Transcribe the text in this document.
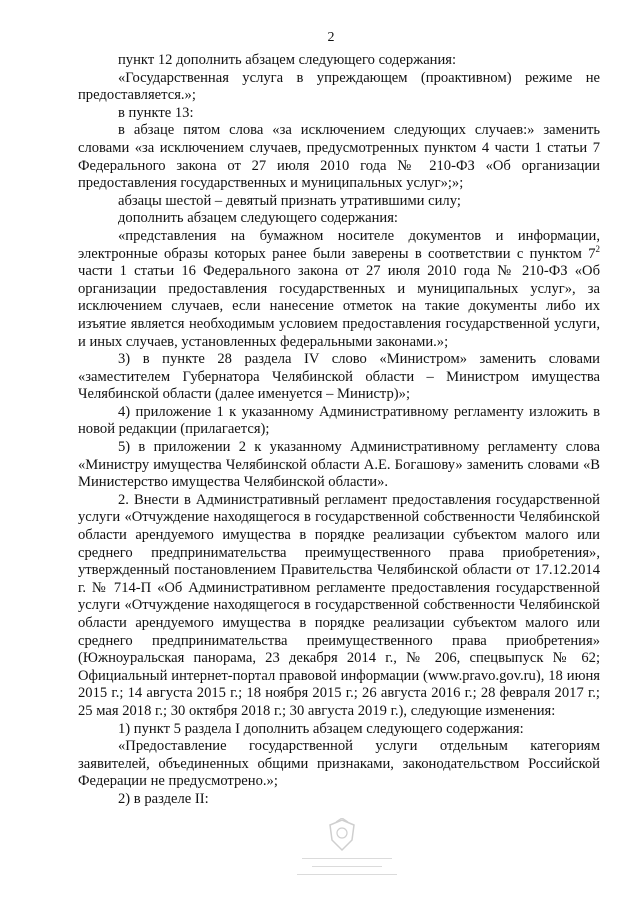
2

пункт 12 дополнить абзацем следующего содержания:

«Государственная услуга в упреждающем (проактивном) режиме не предоставляется.»;

в пункте 13:

в абзаце пятом слова «за исключением следующих случаев:» заменить словами «за исключением случаев, предусмотренных пунктом 4 части 1 статьи 7 Федерального закона от 27 июля 2010 года № 210-ФЗ «Об организации предоставления государственных и муниципальных услуг»;»;

абзацы шестой – девятый признать утратившими силу;

дополнить абзацем следующего содержания:

«представления на бумажном носителе документов и информации, электронные образы которых ранее были заверены в соответствии с пунктом $7^2$ части 1 статьи 16 Федерального закона от 27 июля 2010 года № 210-ФЗ «Об организации предоставления государственных и муниципальных услуг», за исключением случаев, если нанесение отметок на такие документы либо их изъятие является необходимым условием предоставления государственной услуги, и иных случаев, установленных федеральными законами.»;

3) в пункте 28 раздела IV слово «Министром» заменить словами «заместителем Губернатора Челябинской области – Министром имущества Челябинской области (далее именуется – Министр)»;

4) приложение 1 к указанному Административному регламенту изложить в новой редакции (прилагается);

5) в приложении 2 к указанному Административному регламенту слова «Министру имущества Челябинской области А.Е. Богашову» заменить словами «В Министерство имущества Челябинской области».

2. Внести в Административный регламент предоставления государственной услуги «Отчуждение находящегося в государственной собственности Челябинской области арендуемого имущества в порядке реализации субъектом малого или среднего предпринимательства преимущественного права приобретения», утвержденный постановлением Правительства Челябинской области от 17.12.2014 г. № 714-П «Об Административном регламенте предоставления государственной услуги «Отчуждение находящегося в государственной собственности Челябинской области арендуемого имущества в порядке реализации субъектом малого или среднего предпринимательства преимущественного права приобретения» (Южноуральская панорама, 23 декабря 2014 г., № 206, спецвыпуск № 62; Официальный интернет-портал правовой информации (www.pravo.gov.ru), 18 июня 2015 г.; 14 августа 2015 г.; 18 ноября 2015 г.; 26 августа 2016 г.; 28 февраля 2017 г.; 25 мая 2018 г.; 30 октября 2018 г.; 30 августа 2019 г.), следующие изменения:

1) пункт 5 раздела I дополнить абзацем следующего содержания:

«Предоставление государственной услуги отдельным категориям заявителей, объединенных общими признаками, законодательством Российской Федерации не предусмотрено.»;

2) в разделе II:
